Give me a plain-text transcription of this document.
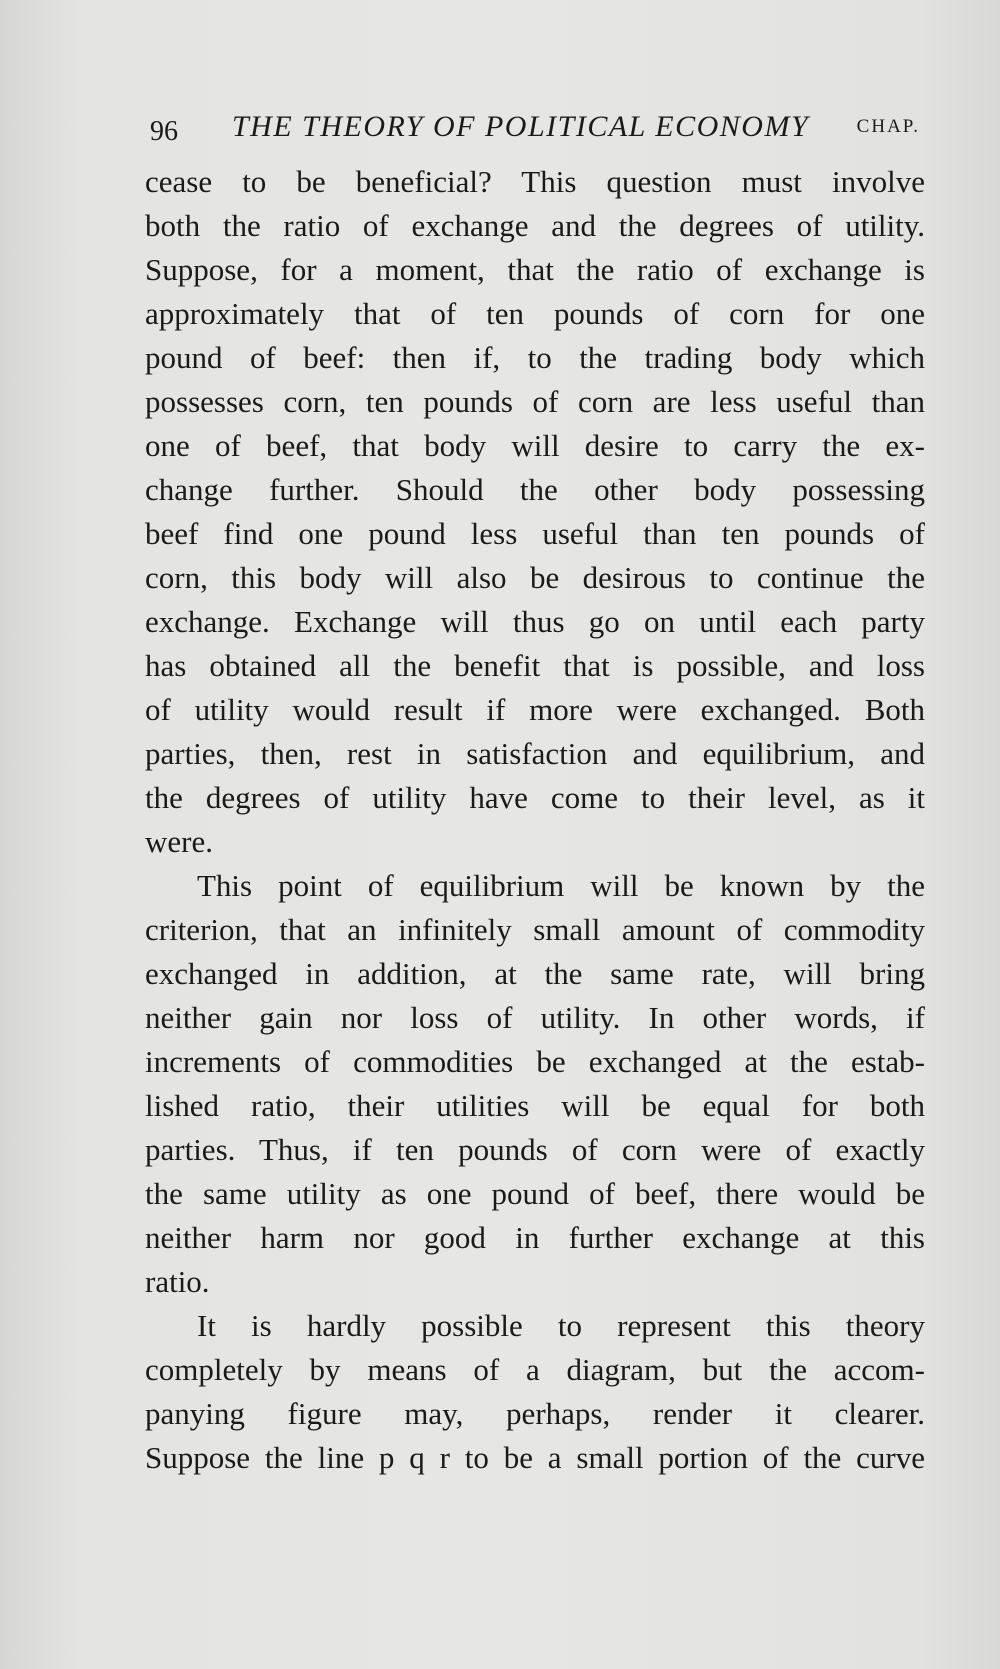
96 THE THEORY OF POLITICAL ECONOMY	CHAP.
cease to be beneficial? This question must involve
both the ratio of exchange and the degrees of utility.
Suppose, for a moment, that the ratio of exchange is
approximately that of ten pounds of corn for one
pound of beef: then if, to the trading body which
possesses corn, ten pounds of corn are less useful than
one of beef, that body will desire to carry the ex-
change further. Should the other body possessing
beef find one pound less useful than ten pounds of
corn, this body will also be desirous to continue the
exchange. Exchange will thus go on until each party
has obtained all the benefit that is possible, and loss
of utility would result if more were exchanged. Both
parties, then, rest in satisfaction and equilibrium, and
the degrees of utility have come to their level, as it
were.
This point of equilibrium will be known by the
criterion, that an infinitely small amount of commodity
exchanged in addition, at the same rate, will bring
neither gain nor loss of utility. In other words, if
increments of commodities be exchanged at the estab-
lished ratio, their utilities will be equal for both
parties. Thus, if ten pounds of corn were of exactly
the same utility as one pound of beef, there would be
neither harm nor good in further exchange at this
ratio.
It is hardly possible to represent this theory
completely by means of a diagram, but the accom-
panying figure may, perhaps, render it clearer.
Suppose the line p q r to be a small portion of the curve
